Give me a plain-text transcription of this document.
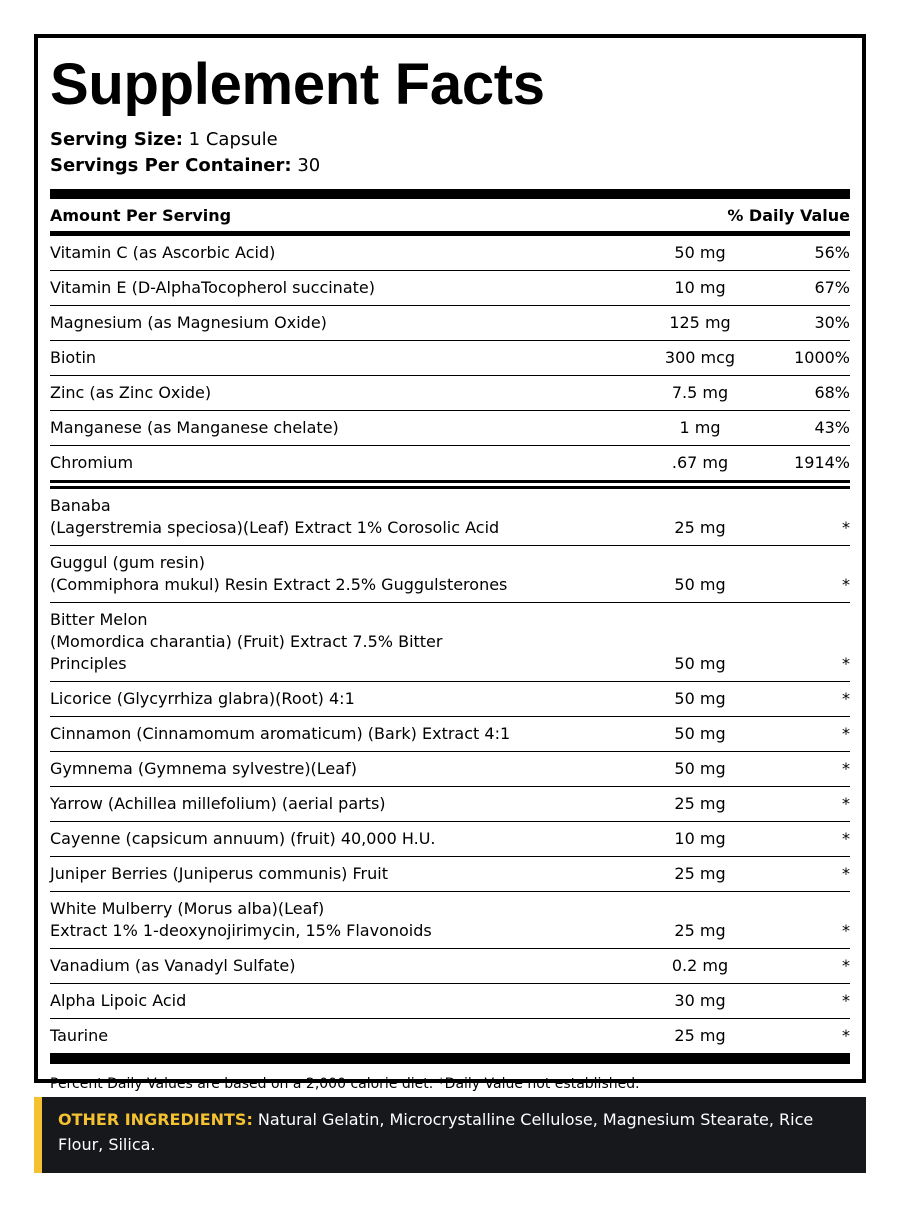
Supplement Facts
Serving Size: 1 Capsule
Servings Per Container: 30
Amount Per Serving	% Daily Value
Vitamin C (as Ascorbic Acid)	50 mg	56%
Vitamin E (D-AlphaTocopherol succinate)	10 mg	67%
Magnesium (as Magnesium Oxide)	125 mg	30%
Biotin	300 mcg	1000%
Zinc (as Zinc Oxide)	7.5 mg	68%
Manganese (as Manganese chelate)	1 mg	43%
Chromium	.67 mg	1914%
Banaba
(Lagerstremia speciosa)(Leaf) Extract 1% Corosolic Acid	25 mg	*
Guggul (gum resin)
(Commiphora mukul) Resin Extract 2.5% Guggulsterones	50 mg	*
Bitter Melon
(Momordica charantia) (Fruit) Extract 7.5% Bitter
Principles	50 mg	*
Licorice (Glycyrrhiza glabra)(Root) 4:1	50 mg	*
Cinnamon (Cinnamomum aromaticum) (Bark) Extract 4:1	50 mg	*
Gymnema (Gymnema sylvestre)(Leaf)	50 mg	*
Yarrow (Achillea millefolium) (aerial parts)	25 mg	*
Cayenne (capsicum annuum) (fruit) 40,000 H.U.	10 mg	*
Juniper Berries (Juniperus communis) Fruit	25 mg	*
White Mulberry (Morus alba)(Leaf)
Extract 1% 1-deoxynojirimycin, 15% Flavonoids	25 mg	*
Vanadium (as Vanadyl Sulfate)	0.2 mg	*
Alpha Lipoic Acid	30 mg	*
Taurine	25 mg	*
Percent Daily Values are based on a 2,000 calorie diet. *Daily Value not established.
OTHER INGREDIENTS: Natural Gelatin, Microcrystalline Cellulose, Magnesium Stearate, Rice Flour, Silica.
